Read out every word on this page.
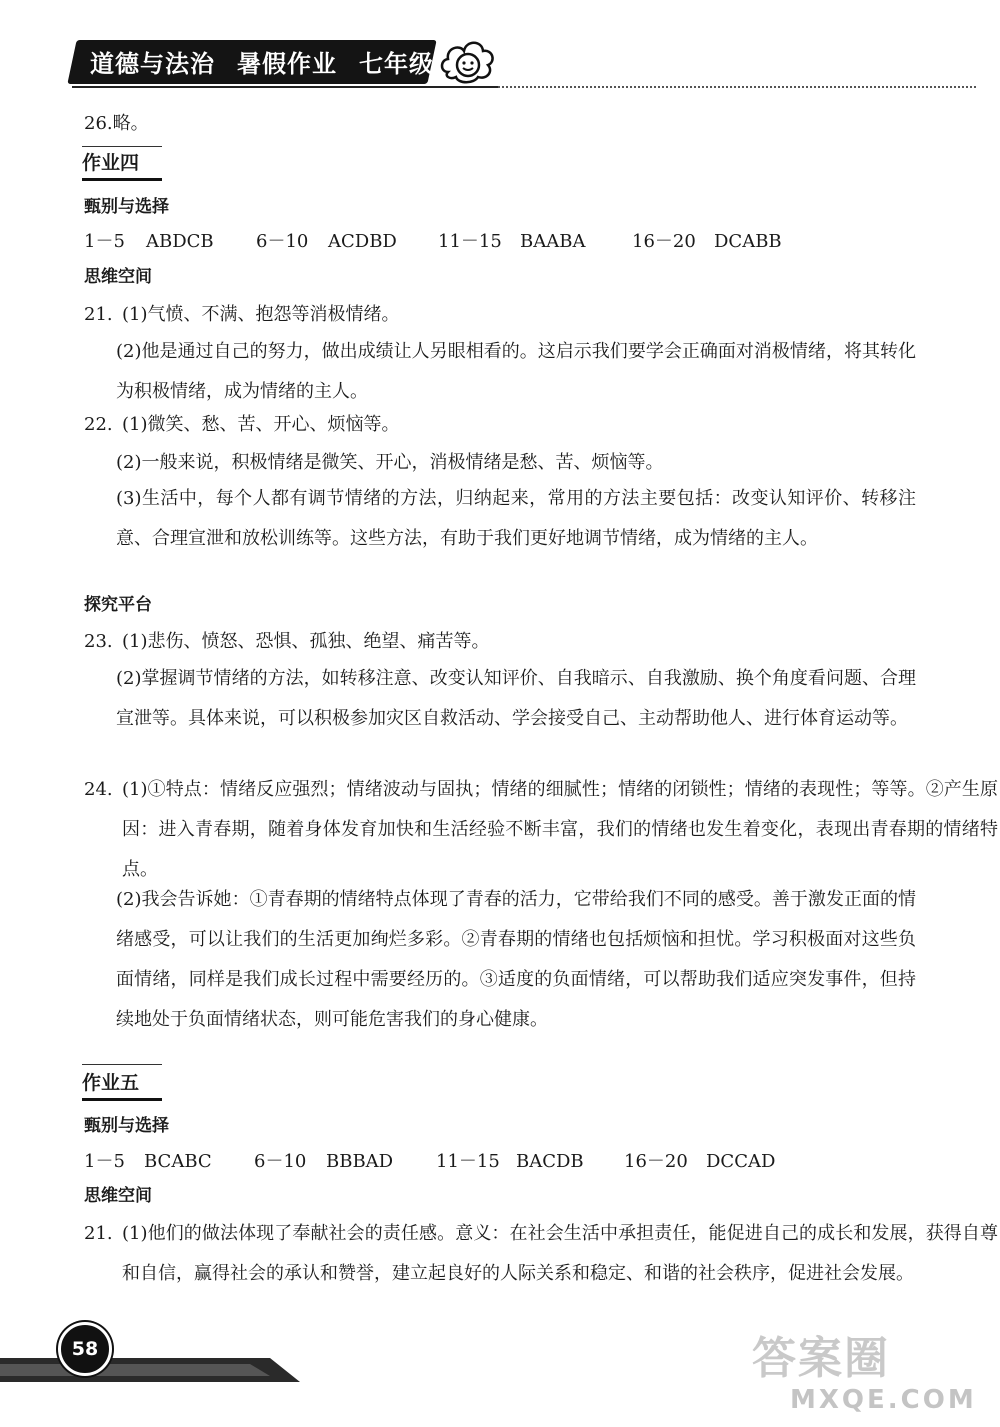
道德与法治 暑假作业 七年级
26.略。
作业四
甄别与选择
1－5 ABDCB 6－10 ACDBD 11－15 BAABA	16－20 DCABB
思维空间
21. (1)气愤、不满、抱怨等消极情绪。
(2)他是通过自己的努力，做出成绩让人另眼相看的。这启示我们要学会正确面对消极情绪，将其转化为积极情绪，成为情绪的主人。
22. (1)微笑、愁、苦、开心、烦恼等。
(2)一般来说，积极情绪是微笑、开心，消极情绪是愁、苦、烦恼等。
(3)生活中，每个人都有调节情绪的方法，归纳起来，常用的方法主要包括：改变认知评价、转移注意、合理宣泄和放松训练等。这些方法，有助于我们更好地调节情绪，成为情绪的主人。
探究平台
23. (1)悲伤、愤怒、恐惧、孤独、绝望、痛苦等。
(2)掌握调节情绪的方法，如转移注意、改变认知评价、自我暗示、自我激励、换个角度看问题、合理宣泄等。具体来说，可以积极参加灾区自救活动、学会接受自己、主动帮助他人、进行体育运动等。
24. (1)①特点：情绪反应强烈；情绪波动与固执；情绪的细腻性；情绪的闭锁性；情绪的表现性；等等。②产生原因：进入青春期，随着身体发育加快和生活经验不断丰富，我们的情绪也发生着变化，表现出青春期的情绪特点。
(2)我会告诉她：①青春期的情绪特点体现了青春的活力，它带给我们不同的感受。善于激发正面的情绪感受，可以让我们的生活更加绚烂多彩。②青春期的情绪也包括烦恼和担忧。学习积极面对这些负面情绪，同样是我们成长过程中需要经历的。③适度的负面情绪，可以帮助我们适应突发事件，但持续地处于负面情绪状态，则可能危害我们的身心健康。
作业五
甄别与选择
1－5 BCABC 6－10 BBBAD 11－15 BACDB 16－20 DCCAD
思维空间
21. (1)他们的做法体现了奉献社会的责任感。意义：在社会生活中承担责任，能促进自己的成长和发展，获得自尊和自信，赢得社会的承认和赞誉，建立起良好的人际关系和稳定、和谐的社会秩序，促进社会发展。
58	答案圈
MXQE.COM
